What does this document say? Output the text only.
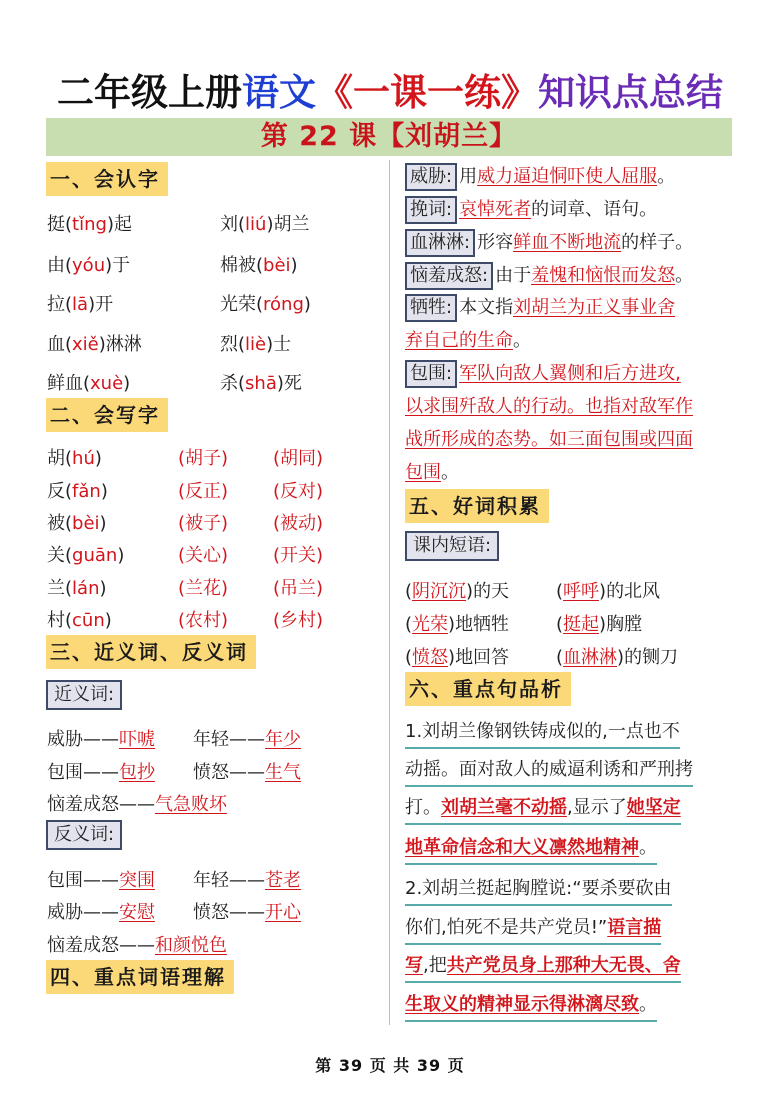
二年级上册语文《一课一练》知识点总结
第 22 课【刘胡兰】
一、会认字
挺(tǐng)起	刘(liú)胡兰
由(yóu)于	棉被(bèi)
拉(lā)开	光荣(róng)
血(xiě)淋淋	烈(liè)士
鲜血(xuè)	杀(shā)死
二、会写字
胡(hú)	(胡子) (胡同)
反(fǎn)	(反正) (反对)
被(bèi)	(被子) (被动)
关(guān)	(关心) (开关)
兰(lán)	(兰花) (吊兰)
村(cūn)	(农村) (乡村)
三、近义词、反义词
近义词:
威胁——吓唬 年轻——年少
包围——包抄 愤怒——生气
恼羞成怒——气急败坏
反义词:
包围——突围 年轻——苍老
威胁——安慰 愤怒——开心
恼羞成怒——和颜悦色
四、重点词语理解
威胁: 用威力逼迫恫吓使人屈服。
挽词: 哀悼死者的词章、语句。
血淋淋: 形容鲜血不断地流的样子。
恼羞成怒: 由于羞愧和恼恨而发怒。
牺牲: 本文指刘胡兰为正义事业舍
弃自己的生命。
包围: 军队向敌人翼侧和后方进攻,
以求围歼敌人的行动。也指对敌军作
战所形成的态势。如三面包围或四面
包围。
五、好词积累
课内短语:
(阴沉沉)的天	(呼呼)的北风
(光荣)地牺牲	(挺起)胸膛
(愤怒)地回答	(血淋淋)的铡刀
六、重点句品析
1.刘胡兰像钢铁铸成似的,一点也不
动摇。面对敌人的威逼利诱和严刑拷
打。刘胡兰毫不动摇,显示了她坚定
地革命信念和大义凛然地精神。
2.刘胡兰挺起胸膛说:“要杀要砍由
你们,怕死不是共产党员!”语言描
写,把共产党员身上那种大无畏、舍
生取义的精神显示得淋漓尽致。
第 39 页 共 39 页
